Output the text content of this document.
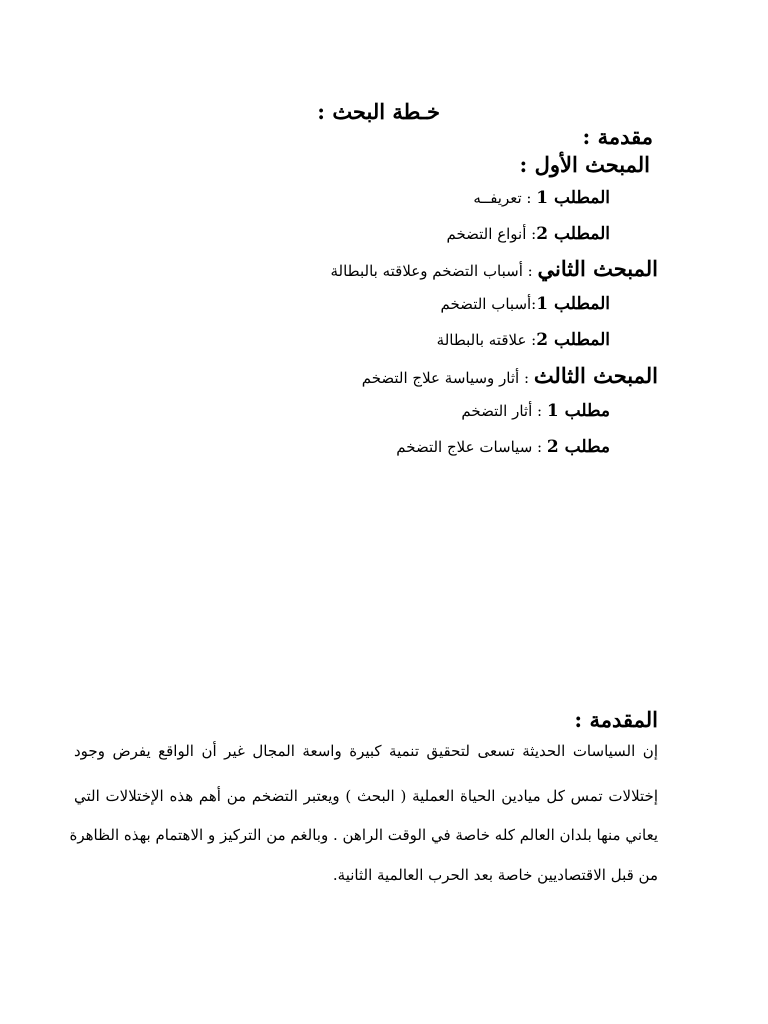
خـطة البحث :
مقدمة :
المبحث الأول :
المطلب 1 : تعريفــه
المطلب 2: أنواع التضخم
المبحث الثاني : أسباب التضخم وعلاقته بالبطالة
المطلب 1:أسباب التضخم
المطلب 2: علاقته بالبطالة
المبحث الثالث : أثار وسياسة علاج التضخم
مطلب 1 : أثار التضخم
مطلب 2 : سياسات علاج التضخم
المقدمة :
إن السياسات الحديثة تسعى لتحقيق تنمية كبيرة واسعة المجال غير أن الواقع يفرض وجود
إختلالات تمس كل ميادين الحياة العملية ( البحث ) ويعتبر التضخم من أهم هذه الإختلالات التي
يعاني منها بلدان العالم كله خاصة في الوقت الراهن . وبالغم من التركيز و الاهتمام بهذه الظاهرة
من قبل الاقتصاديين خاصة بعد الحرب العالمية الثانية.
